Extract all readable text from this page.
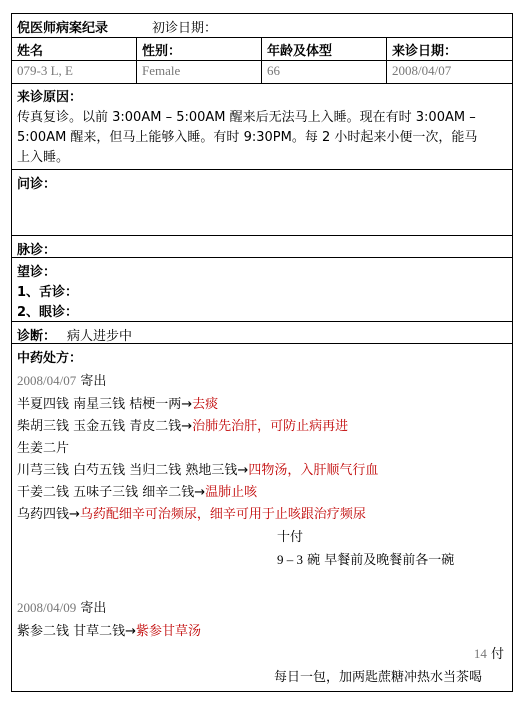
倪医师病案纪录	初诊日期：
姓名	性别：	年龄及体型	来诊日期：
079-3 L, E	Female	66	2008/04/07
来诊原因：
传真复诊。以前 3:00AM – 5:00AM 醒来后无法马上入睡。现在有时 3:00AM –
5:00AM 醒来，但马上能够入睡。有时 9:30PM。每 2 小时起来小便一次，能马
上入睡。
问诊：
脉诊：
望诊：
1、舌诊：
2、眼诊：
诊断： 病人进步中
中药处方：
2008/04/07 寄出
半夏四钱 南星三钱 桔梗一两→去痰
柴胡三钱 玉金五钱 青皮二钱→治肺先治肝，可防止病再进
生姜二片
川芎三钱 白芍五钱 当归二钱 熟地三钱→四物汤，入肝顺气行血
干姜二钱 五味子三钱 细辛二钱→温肺止咳
乌药四钱→乌药配细辛可治频尿，细辛可用于止咳跟治疗频尿
十付
9 – 3 碗 早餐前及晚餐前各一碗
2008/04/09 寄出
紫参二钱 甘草二钱→紫参甘草汤
14 付
每日一包，加两匙蔗糖冲热水当茶喝
